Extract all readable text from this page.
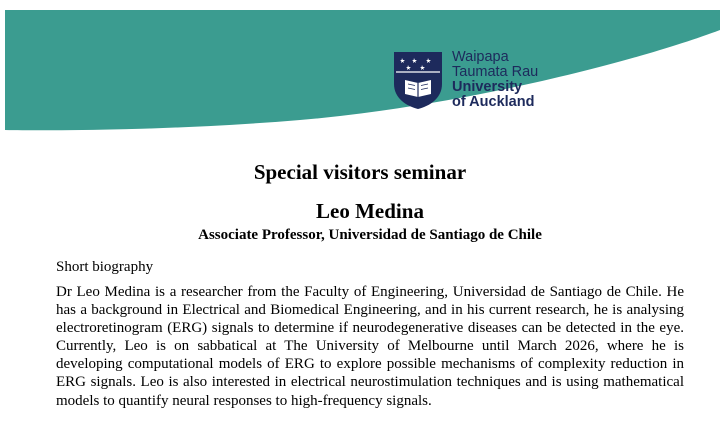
Waipapa
Taumata Rau
University
of Auckland
Special visitors seminar
Leo Medina

Associate Professor, Universidad de Santiago de Chile

Short biography

Dr Leo Medina is a researcher from the Faculty of Engineering, Universidad de Santiago de Chile. He has a background in Electrical and Biomedical Engineering, and in his current research, he is analysing electroretinogram (ERG) signals to determine if neurodegenerative diseases can be detected in the eye. Currently, Leo is on sabbatical at The University of Melbourne until March 2026, where he is developing computational models of ERG to explore possible mechanisms of complexity reduction in ERG signals. Leo is also interested in electrical neurostimulation techniques and is using mathematical models to quantify neural responses to high-frequency signals.
